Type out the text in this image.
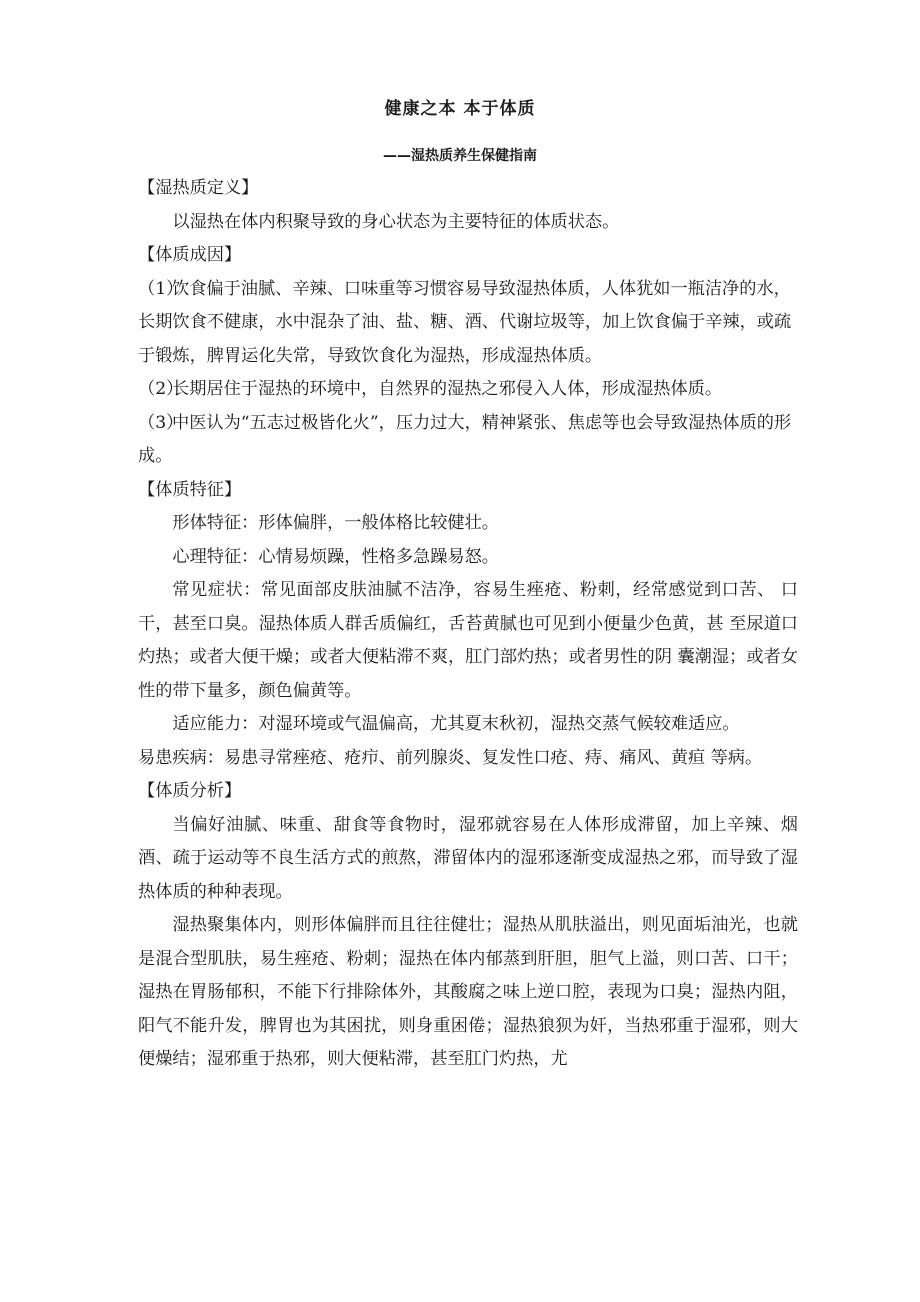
健康之本 本于体质
——湿热质养生保健指南

【湿热质定义】

以湿热在体内积聚导致的身心状态为主要特征的体质状态。

【体质成因】

（1）饮食偏于油腻、辛辣、口味重等习惯容易导致湿热体质，人体犹如一瓶洁净的水，长期饮食不健康，水中混杂了油、盐、糖、酒、代谢垃圾等，加上饮食偏于辛辣，或疏于锻炼，脾胃运化失常，导致饮食化为湿热，形成湿热体质。

（2）长期居住于湿热的环境中，自然界的湿热之邪侵入人体，形成湿热体质。

（3）中医认为“五志过极皆化火”，压力过大，精神紧张、焦虑等也会导致湿热体质的形成。

【体质特征】

形体特征：形体偏胖，一般体格比较健壮。

心理特征：心情易烦躁，性格多急躁易怒。

常见症状：常见面部皮肤油腻不洁净，容易生痤疮、粉刺，经常感觉到口苦、 口干，甚至口臭。湿热体质人群舌质偏红，舌苔黄腻也可见到小便量少色黄，甚 至尿道口灼热；或者大便干燥；或者大便粘滞不爽，肛门部灼热；或者男性的阴 囊潮湿；或者女性的带下量多，颜色偏黄等。

适应能力：对湿环境或气温偏高，尤其夏末秋初，湿热交蒸气候较难适应。

易患疾病：易患寻常痤疮、疮疖、前列腺炎、复发性口疮、痔、痛风、黄疸 等病。

【体质分析】

当偏好油腻、味重、甜食等食物时，湿邪就容易在人体形成滞留，加上辛辣、烟酒、疏于运动等不良生活方式的煎熬，滞留体内的湿邪逐渐变成湿热之邪，而导致了湿热体质的种种表现。

湿热聚集体内，则形体偏胖而且往往健壮；湿热从肌肤溢出，则见面垢油光，也就是混合型肌肤，易生痤疮、粉刺；湿热在体内郁蒸到肝胆，胆气上溢，则口苦、口干；湿热在胃肠郁积，不能下行排除体外，其酸腐之味上逆口腔，表现为口臭；湿热内阻，阳气不能升发，脾胃也为其困扰，则身重困倦；湿热狼狈为奸，当热邪重于湿邪，则大便燥结；湿邪重于热邪，则大便粘滞，甚至肛门灼热，尤
